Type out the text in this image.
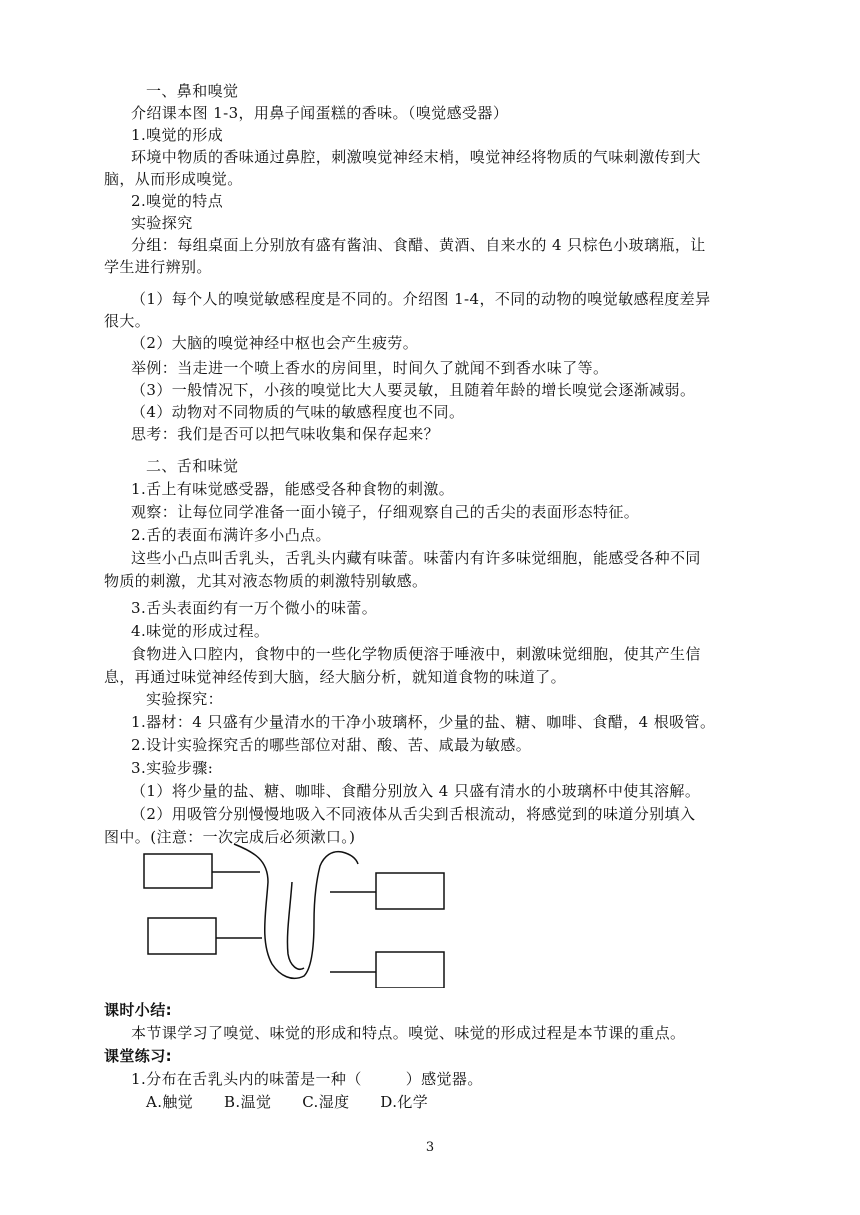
一、鼻和嗅觉
介绍课本图 1-3，用鼻子闻蛋糕的香味。（嗅觉感受器）
1.嗅觉的形成
环境中物质的香味通过鼻腔，刺激嗅觉神经末梢，嗅觉神经将物质的气味刺激传到大
脑，从而形成嗅觉。
2.嗅觉的特点
实验探究
分组：每组桌面上分别放有盛有酱油、食醋、黄酒、自来水的 4 只棕色小玻璃瓶，让
学生进行辨别。
（1）每个人的嗅觉敏感程度是不同的。介绍图 1-4，不同的动物的嗅觉敏感程度差异
很大。
（2）大脑的嗅觉神经中枢也会产生疲劳。
举例：当走进一个喷上香水的房间里，时间久了就闻不到香水味了等。
（3）一般情况下，小孩的嗅觉比大人要灵敏，且随着年龄的增长嗅觉会逐渐减弱。
（4）动物对不同物质的气味的敏感程度也不同。
思考：我们是否可以把气味收集和保存起来？
二、舌和味觉
1.舌上有味觉感受器，能感受各种食物的刺激。
观察：让每位同学准备一面小镜子，仔细观察自己的舌尖的表面形态特征。
2.舌的表面布满许多小凸点。
这些小凸点叫舌乳头，舌乳头内藏有味蕾。味蕾内有许多味觉细胞，能感受各种不同
物质的刺激，尤其对液态物质的刺激特别敏感。
3.舌头表面约有一万个微小的味蕾。
4.味觉的形成过程。
食物进入口腔内，食物中的一些化学物质便溶于唾液中，刺激味觉细胞，使其产生信
息，再通过味觉神经传到大脑，经大脑分析，就知道食物的味道了。
实验探究：
1.器材：4 只盛有少量清水的干净小玻璃杯，少量的盐、糖、咖啡、食醋，4 根吸管。
2.设计实验探究舌的哪些部位对甜、酸、苦、咸最为敏感。
3.实验步骤:
（1）将少量的盐、糖、咖啡、食醋分别放入 4 只盛有清水的小玻璃杯中使其溶解。
（2）用吸管分别慢慢地吸入不同液体从舌尖到舌根流动，将感觉到的味道分别填入
图中。(注意：一次完成后必须漱口。)
课时小结:
本节课学习了嗅觉、味觉的形成和特点。嗅觉、味觉的形成过程是本节课的重点。
课堂练习:
1.分布在舌乳头内的味蕾是一种（	）感觉器。
A.触觉　　B.温觉　　C.湿度　　D.化学
3
